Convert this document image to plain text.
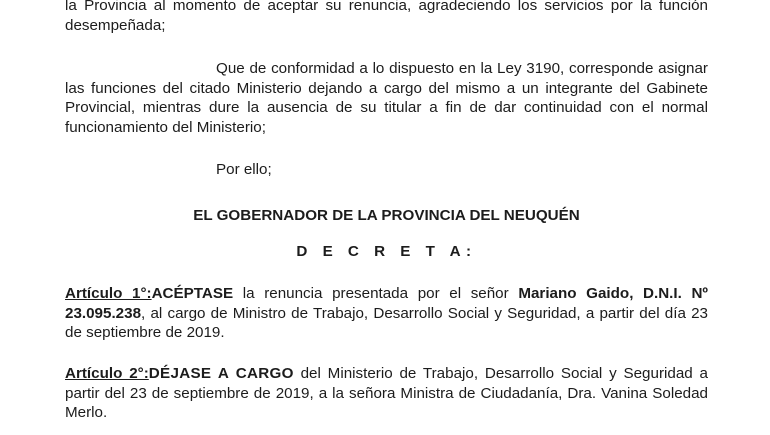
la Provincia al momento de aceptar su renuncia, agradeciendo los servicios por la función desempeñada;

Que de conformidad a lo dispuesto en la Ley 3190, corresponde asignar las funciones del citado Ministerio dejando a cargo del mismo a un integrante del Gabinete Provincial, mientras dure la ausencia de su titular a fin de dar continuidad con el normal funcionamiento del Ministerio;

Por ello;

EL GOBERNADOR DE LA PROVINCIA DEL NEUQUÉN

D E C R E T A:

Artículo 1°:ACÉPTASE la renuncia presentada por el señor Mariano Gaido, D.N.I. Nº 23.095.238, al cargo de Ministro de Trabajo, Desarrollo Social y Seguridad, a partir del día 23 de septiembre de 2019.

Artículo 2°:DÉJASE A CARGO del Ministerio de Trabajo, Desarrollo Social y Seguridad a partir del 23 de septiembre de 2019, a la señora Ministra de Ciudadanía, Dra. Vanina Soledad Merlo.
